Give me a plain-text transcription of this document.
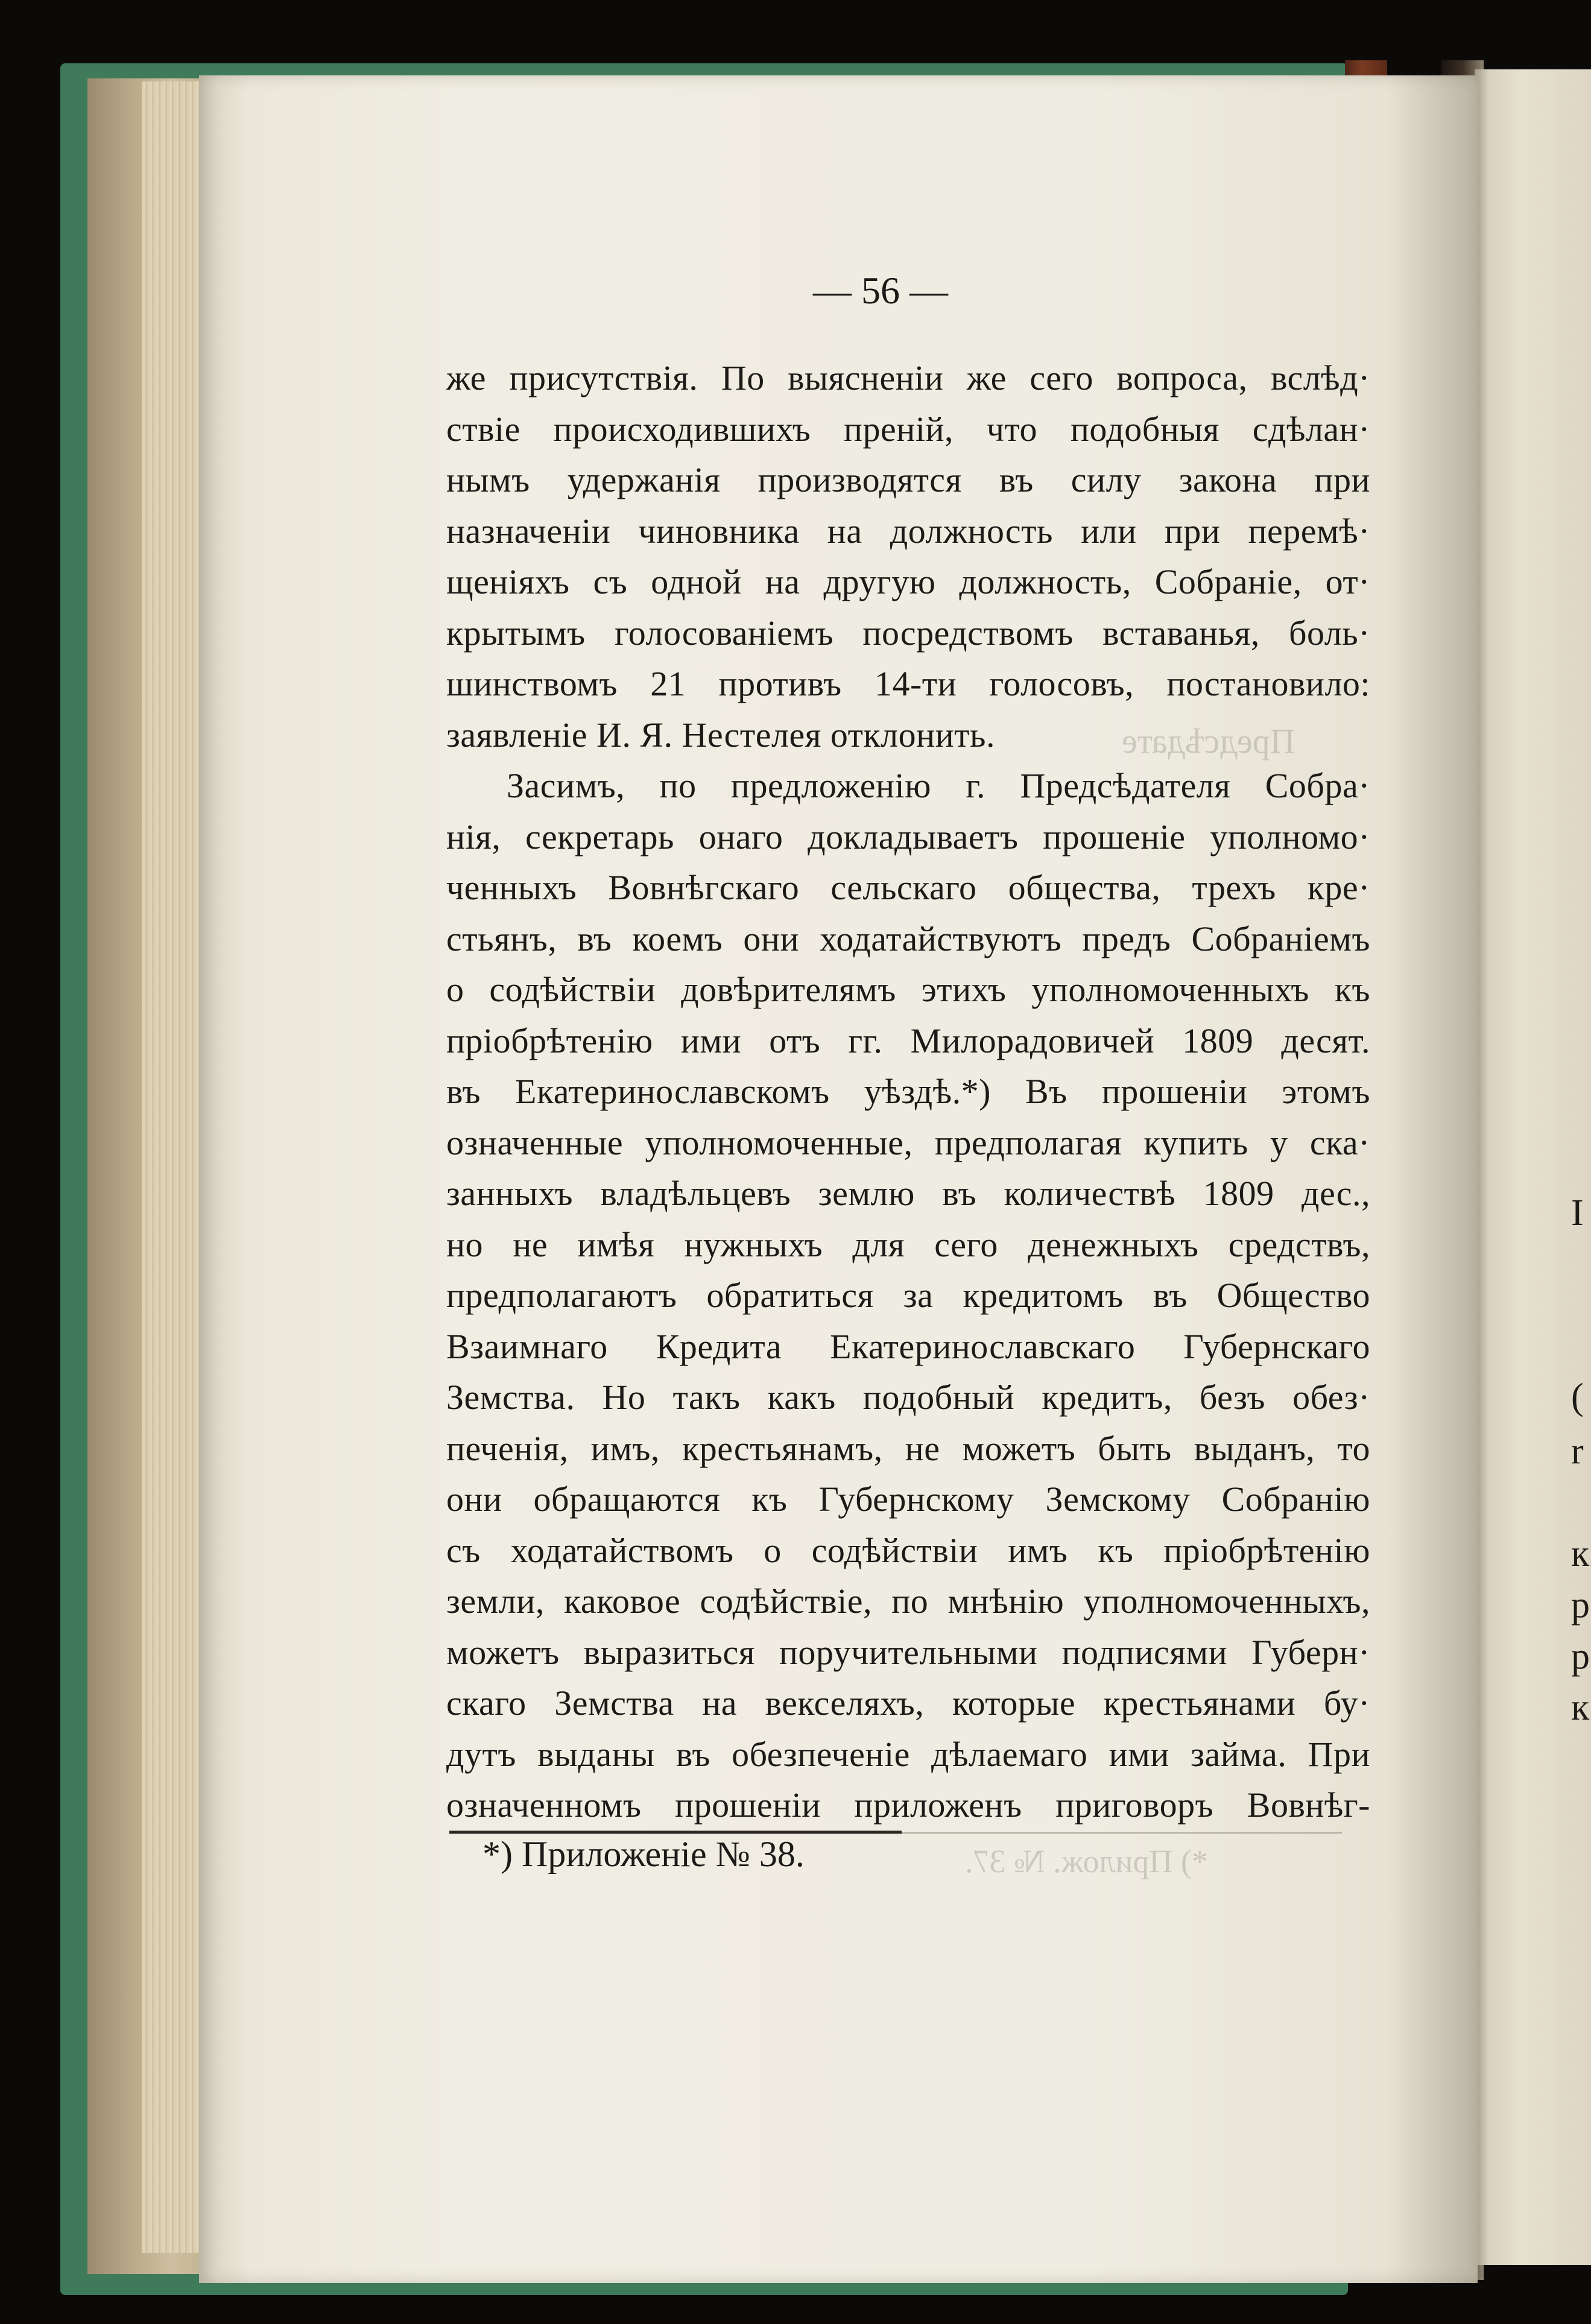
I
(
r
к
р
р
к
Предсѣдате
*) Прилож. № 37.
— 56 —
же присутствія. По выясненіи же сего вопроса, вслѣд·
ствіе происходившихъ преній, что подобныя сдѣлан·
нымъ удержанія производятся въ силу закона при
назначеніи чиновника на должность или при перемѣ·
щеніяхъ съ одной на другую должность, Собраніе, от·
крытымъ голосованіемъ посредствомъ вставанья, боль·
шинствомъ 21 противъ 14-ти голосовъ, постановило:
заявленіе И. Я. Нестелея отклонить.
Засимъ, по предложенію г. Предсѣдателя Собра·
нія, секретарь онаго докладываетъ прошеніе уполномо·
ченныхъ Вовнѣгскаго сельскаго общества, трехъ кре·
стьянъ, въ коемъ они ходатайствуютъ предъ Собраніемъ
о содѣйствіи довѣрителямъ этихъ уполномоченныхъ къ
пріобрѣтенію ими отъ гг. Милорадовичей 1809 десят.
въ Екатеринославскомъ уѣздѣ.*) Въ прошеніи этомъ
означенные уполномоченные, предполагая купить у ска·
занныхъ владѣльцевъ землю въ количествѣ 1809 дес.,
но не имѣя нужныхъ для сего денежныхъ средствъ,
предполагаютъ обратиться за кредитомъ въ Общество
Взаимнаго Кредита Екатеринославскаго Губернскаго
Земства. Но такъ какъ подобный кредитъ, безъ обез·
печенія, имъ, крестьянамъ, не можетъ быть выданъ, то
они обращаются къ Губернскому Земскому Собранію
съ ходатайствомъ о содѣйствіи имъ къ пріобрѣтенію
земли, каковое содѣйствіе, по мнѣнію уполномоченныхъ,
можетъ выразиться поручительными подписями Губерн·
скаго Земства на векселяхъ, которые крестьянами бу·
дутъ выданы въ обезпеченіе дѣлаемаго ими займа. При
означенномъ прошеніи приложенъ приговоръ Вовнѣг-
*) Приложеніе № 38.
